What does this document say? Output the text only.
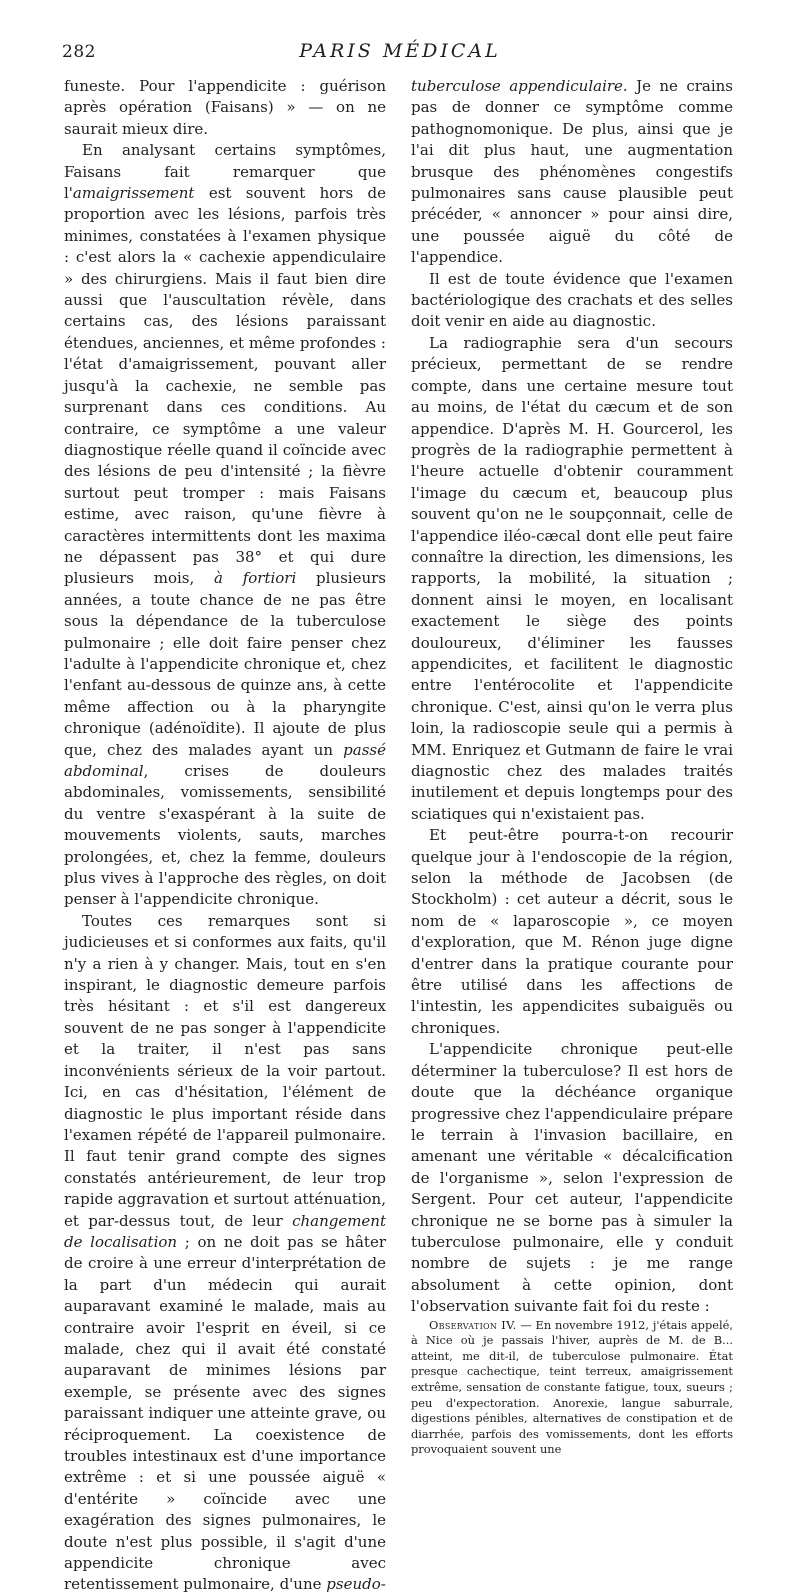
282	PARIS MÉDICAL

funeste. Pour l'appendicite : guérison après opération (Faisans) » — on ne saurait mieux dire.

En analysant certains symptômes, Faisans fait remarquer que l'amaigrissement est souvent hors de proportion avec les lésions, parfois très minimes, constatées à l'examen physique : c'est alors la « cachexie appendiculaire » des chirurgiens. Mais il faut bien dire aussi que l'auscultation révèle, dans certains cas, des lésions paraissant étendues, anciennes, et même profondes : l'état d'amaigrissement, pouvant aller jusqu'à la cachexie, ne semble pas surprenant dans ces conditions. Au contraire, ce symptôme a une valeur diagnostique réelle quand il coïncide avec des lésions de peu d'intensité ; la fièvre surtout peut tromper : mais Faisans estime, avec raison, qu'une fièvre à caractères intermittents dont les maxima ne dépassent pas 38° et qui dure plusieurs mois, à fortiori plusieurs années, a toute chance de ne pas être sous la dépendance de la tuberculose pulmonaire ; elle doit faire penser chez l'adulte à l'appendicite chronique et, chez l'enfant au-dessous de quinze ans, à cette même affection ou à la pharyngite chronique (adénoïdite). Il ajoute de plus que, chez des malades ayant un passé abdominal, crises de douleurs abdominales, vomissements, sensibilité du ventre s'exaspérant à la suite de mouvements violents, sauts, marches prolongées, et, chez la femme, douleurs plus vives à l'approche des règles, on doit penser à l'appendicite chronique.

Toutes ces remarques sont si judicieuses et si conformes aux faits, qu'il n'y a rien à y changer. Mais, tout en s'en inspirant, le diagnostic demeure parfois très hésitant : et s'il est dangereux souvent de ne pas songer à l'appendicite et la traiter, il n'est pas sans inconvénients sérieux de la voir partout. Ici, en cas d'hésitation, l'élément de diagnostic le plus important réside dans l'examen répété de l'appareil pulmonaire. Il faut tenir grand compte des signes constatés antérieurement, de leur trop rapide aggravation et surtout atténuation, et par-dessus tout, de leur changement de localisation ; on ne doit pas se hâter de croire à une erreur d'interprétation de la part d'un médecin qui aurait auparavant examiné le malade, mais au contraire avoir l'esprit en éveil, si ce malade, chez qui il avait été constaté auparavant de minimes lésions par exemple, se présente avec des signes paraissant indiquer une atteinte grave, ou réciproquement. La coexistence de troubles intestinaux est d'une importance extrême : et si une poussée aiguë « d'entérite » coïncide avec une exagération des signes pulmonaires, le doute n'est plus possible, il s'agit d'une appendicite chronique avec retentissement pulmonaire, d'une pseudo-

tuberculose appendiculaire. Je ne crains pas de donner ce symptôme comme pathognomonique. De plus, ainsi que je l'ai dit plus haut, une augmentation brusque des phénomènes congestifs pulmonaires sans cause plausible peut précéder, « annoncer » pour ainsi dire, une poussée aiguë du côté de l'appendice.

Il est de toute évidence que l'examen bactériologique des crachats et des selles doit venir en aide au diagnostic.

La radiographie sera d'un secours précieux, permettant de se rendre compte, dans une certaine mesure tout au moins, de l'état du cæcum et de son appendice. D'après M. H. Gourcerol, les progrès de la radiographie permettent à l'heure actuelle d'obtenir couramment l'image du cæcum et, beaucoup plus souvent qu'on ne le soupçonnait, celle de l'appendice iléo-cæcal dont elle peut faire connaître la direction, les dimensions, les rapports, la mobilité, la situation ; donnent ainsi le moyen, en localisant exactement le siège des points douloureux, d'éliminer les fausses appendicites, et facilitent le diagnostic entre l'entérocolite et l'appendicite chronique. C'est, ainsi qu'on le verra plus loin, la radioscopie seule qui a permis à MM. Enriquez et Gutmann de faire le vrai diagnostic chez des malades traités inutilement et depuis longtemps pour des sciatiques qui n'existaient pas.

Et peut-être pourra-t-on recourir quelque jour à l'endoscopie de la région, selon la méthode de Jacobsen (de Stockholm) : cet auteur a décrit, sous le nom de « laparoscopie », ce moyen d'exploration, que M. Rénon juge digne d'entrer dans la pratique courante pour être utilisé dans les affections de l'intestin, les appendicites subaiguës ou chroniques.

L'appendicite chronique peut-elle déterminer la tuberculose? Il est hors de doute que la déchéance organique progressive chez l'appendiculaire prépare le terrain à l'invasion bacillaire, en amenant une véritable « décalcification de l'organisme », selon l'expression de Sergent. Pour cet auteur, l'appendicite chronique ne se borne pas à simuler la tuberculose pulmonaire, elle y conduit nombre de sujets : je me range absolument à cette opinion, dont l'observation suivante fait foi du reste :

Observation IV. — En novembre 1912, j'étais appelé, à Nice où je passais l'hiver, auprès de M. de B... atteint, me dit-il, de tuberculose pulmonaire. État presque cachectique, teint terreux, amaigrissement extrême, sensation de constante fatigue, toux, sueurs ; peu d'expectoration. Anorexie, langue saburrale, digestions pénibles, alternatives de constipation et de diarrhée, parfois des vomissements, dont les efforts provoquaient souvent une
